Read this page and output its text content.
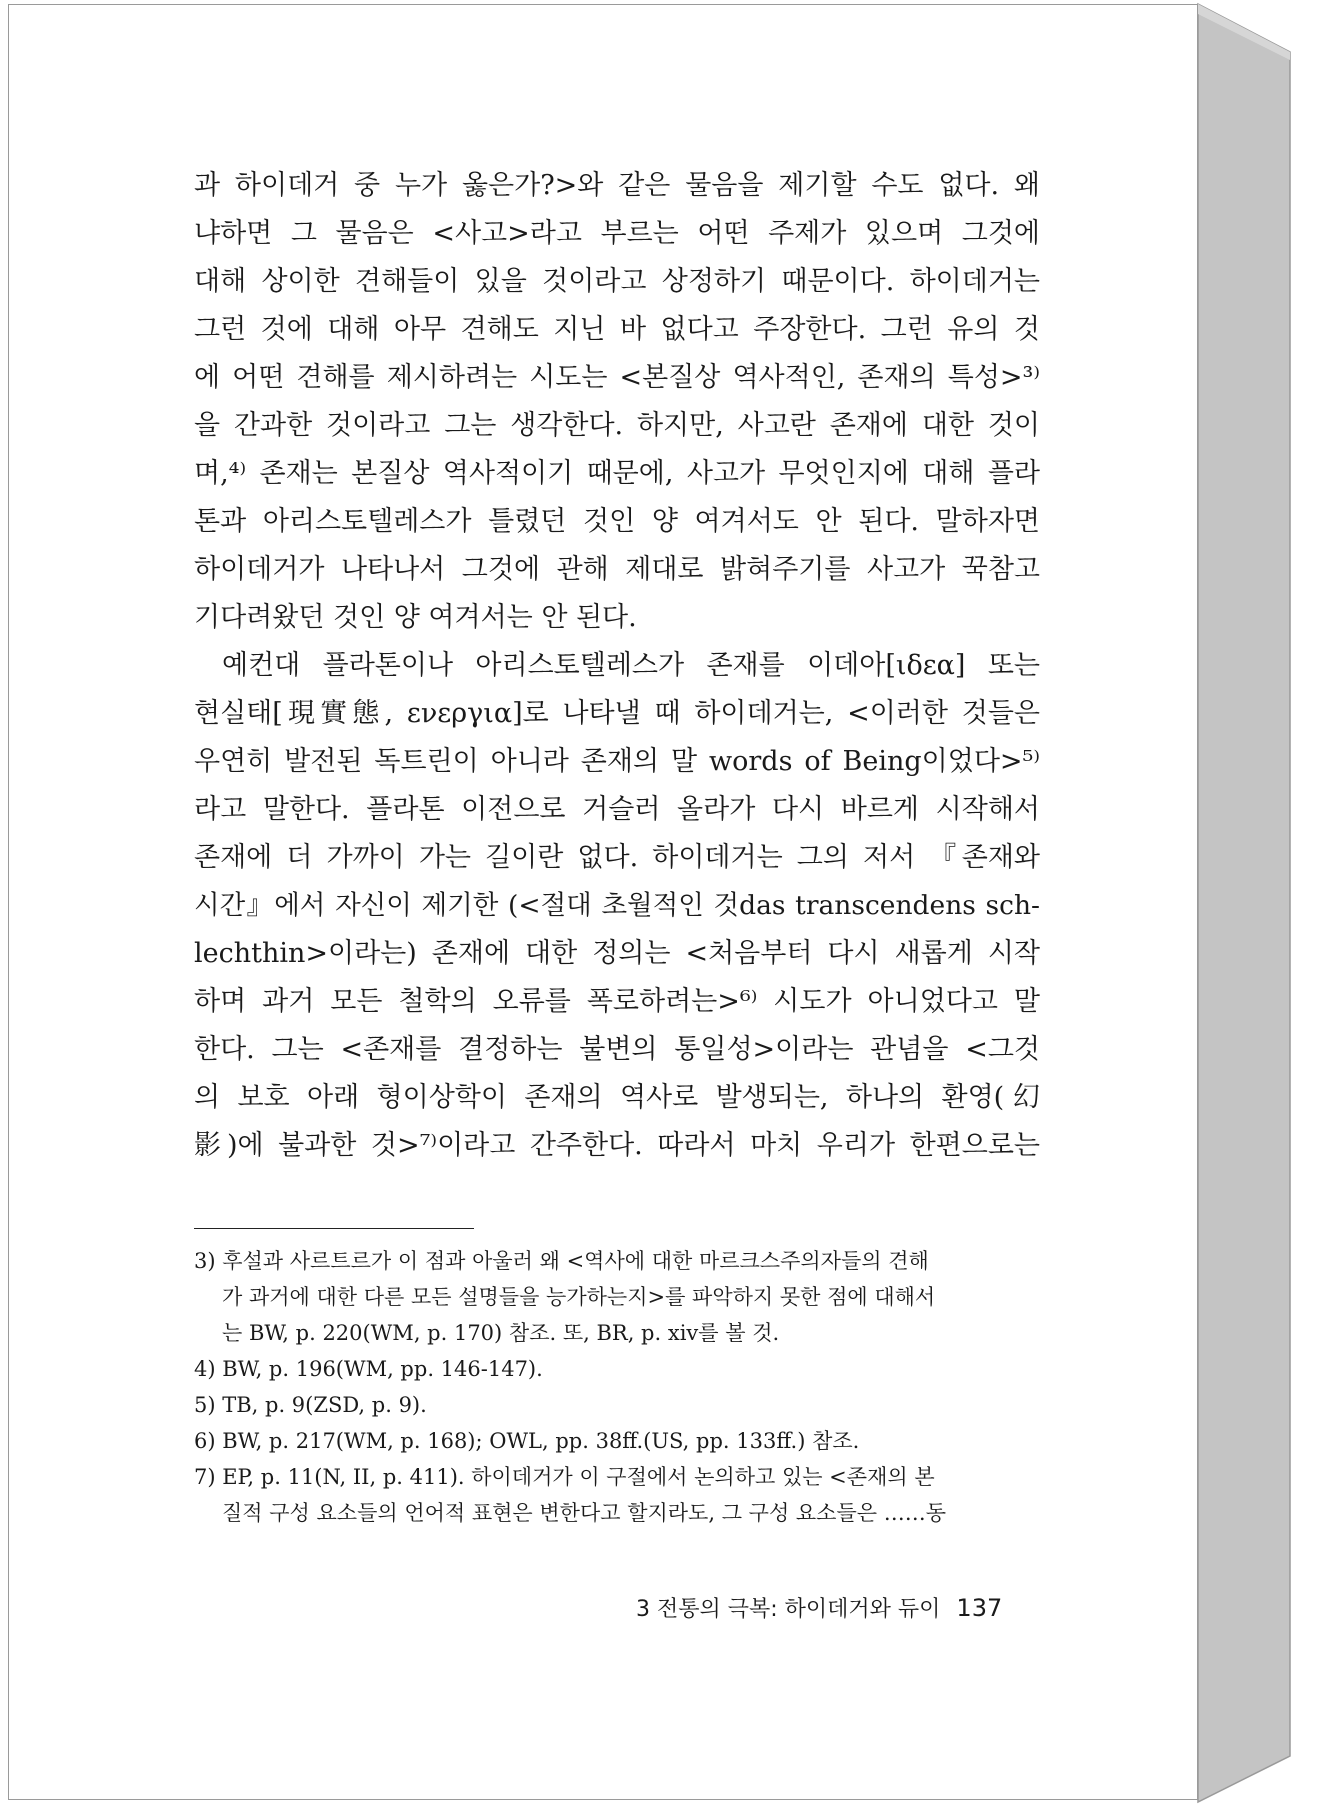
과 하이데거 중 누가 옳은가?>와 같은 물음을 제기할 수도 없다. 왜
냐하면 그 물음은 <사고>라고 부르는 어떤 주제가 있으며 그것에
대해 상이한 견해들이 있을 것이라고 상정하기 때문이다. 하이데거는
그런 것에 대해 아무 견해도 지닌 바 없다고 주장한다. 그런 유의 것
에 어떤 견해를 제시하려는 시도는 <본질상 역사적인, 존재의 특성>³⁾
을 간과한 것이라고 그는 생각한다. 하지만, 사고란 존재에 대한 것이
며,⁴⁾ 존재는 본질상 역사적이기 때문에, 사고가 무엇인지에 대해 플라
톤과 아리스토텔레스가 틀렸던 것인 양 여겨서도 안 된다. 말하자면
하이데거가 나타나서 그것에 관해 제대로 밝혀주기를 사고가 꾹참고
기다려왔던 것인 양 여겨서는 안 된다.
예컨대 플라톤이나 아리스토텔레스가 존재를 이데아[ιδεα] 또는
현실태[現實態, ενεργια]로 나타낼 때 하이데거는, <이러한 것들은
우연히 발전된 독트린이 아니라 존재의 말 words of Being이었다>⁵⁾
라고 말한다. 플라톤 이전으로 거슬러 올라가 다시 바르게 시작해서
존재에 더 가까이 가는 길이란 없다. 하이데거는 그의 저서 『존재와
시간』에서 자신이 제기한 (<절대 초월적인 것das transcendens sch-
lechthin>이라는) 존재에 대한 정의는 <처음부터 다시 새롭게 시작
하며 과거 모든 철학의 오류를 폭로하려는>⁶⁾ 시도가 아니었다고 말
한다. 그는 <존재를 결정하는 불변의 통일성>이라는 관념을 <그것
의 보호 아래 형이상학이 존재의 역사로 발생되는, 하나의 환영(幻
影)에 불과한 것>⁷⁾이라고 간주한다. 따라서 마치 우리가 한편으로는
3) 후설과 사르트르가 이 점과 아울러 왜 <역사에 대한 마르크스주의자들의 견해
가 과거에 대한 다른 모든 설명들을 능가하는지>를 파악하지 못한 점에 대해서
는 BW, p. 220(WM, p. 170) 참조. 또, BR, p. xiv를 볼 것.
4) BW, p. 196(WM, pp. 146-147).
5) TB, p. 9(ZSD, p. 9).
6) BW, p. 217(WM, p. 168); OWL, pp. 38ff.(US, pp. 133ff.) 참조.
7) EP, p. 11(N, II, p. 411). 하이데거가 이 구절에서 논의하고 있는 <존재의 본
질적 구성 요소들의 언어적 표현은 변한다고 할지라도, 그 구성 요소들은 ……동
3 전통의 극복: 하이데거와 듀이 137
